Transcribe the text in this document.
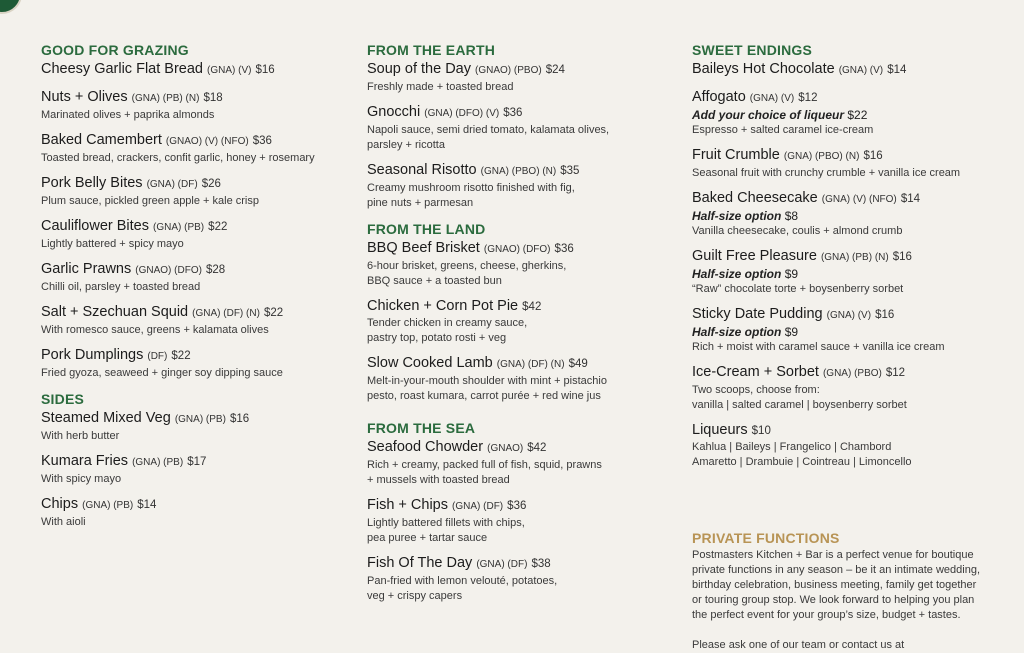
GOOD FOR GRAZING
Cheesy Garlic Flat Bread (GNA) (V) $16
Nuts + Olives (GNA) (PB) (N) $18
Marinated olives + paprika almonds
Baked Camembert (GNAO) (V) (NFO) $36
Toasted bread, crackers, confit garlic, honey + rosemary
Pork Belly Bites (GNA) (DF) $26
Plum sauce, pickled green apple + kale crisp
Cauliflower Bites (GNA) (PB) $22
Lightly battered + spicy mayo
Garlic Prawns (GNAO) (DFO) $28
Chilli oil, parsley + toasted bread
Salt + Szechuan Squid (GNA) (DF) (N) $22
With romesco sauce, greens + kalamata olives
Pork Dumplings (DF) $22
Fried gyoza, seaweed + ginger soy dipping sauce
SIDES
Steamed Mixed Veg (GNA) (PB) $16
With herb butter
Kumara Fries (GNA) (PB) $17
With spicy mayo
Chips (GNA) (PB) $14
With aioli
FROM THE EARTH
Soup of the Day (GNAO) (PBO) $24
Freshly made + toasted bread
Gnocchi (GNA) (DFO) (V) $36
Napoli sauce, semi dried tomato, kalamata olives,
parsley + ricotta
Seasonal Risotto (GNA) (PBO) (N) $35
Creamy mushroom risotto finished with fig,
pine nuts + parmesan
FROM THE LAND
BBQ Beef Brisket (GNAO) (DFO) $36
6-hour brisket, greens, cheese, gherkins,
BBQ sauce + a toasted bun
Chicken + Corn Pot Pie $42
Tender chicken in creamy sauce,
pastry top, potato rosti + veg
Slow Cooked Lamb (GNA) (DF) (N) $49
Melt-in-your-mouth shoulder with mint + pistachio
pesto, roast kumara, carrot purée + red wine jus
FROM THE SEA
Seafood Chowder (GNAO) $42
Rich + creamy, packed full of fish, squid, prawns
+ mussels with toasted bread
Fish + Chips (GNA) (DF) $36
Lightly battered fillets with chips,
pea puree + tartar sauce
Fish Of The Day (GNA) (DF) $38
Pan-fried with lemon velouté, potatoes,
veg + crispy capers
SWEET ENDINGS
Baileys Hot Chocolate (GNA) (V) $14
Affogato (GNA) (V) $12
Add your choice of liqueur $22
Espresso + salted caramel ice-cream
Fruit Crumble (GNA) (PBO) (N) $16
Seasonal fruit with crunchy crumble + vanilla ice cream
Baked Cheesecake (GNA) (V) (NFO) $14
Half-size option $8
Vanilla cheesecake, coulis + almond crumb
Guilt Free Pleasure (GNA) (PB) (N) $16
Half-size option $9
“Raw” chocolate torte + boysenberry sorbet
Sticky Date Pudding (GNA) (V) $16
Half-size option $9
Rich + moist with caramel sauce + vanilla ice cream
Ice-Cream + Sorbet (GNA) (PBO) $12
Two scoops, choose from:
vanilla | salted caramel | boysenberry sorbet
Liqueurs $10
Kahlua | Baileys | Frangelico | Chambord
Amaretto | Drambuie | Cointreau | Limoncello
PRIVATE FUNCTIONS
Postmasters Kitchen + Bar is a perfect venue for boutique
private functions in any season – be it an intimate wedding,
birthday celebration, business meeting, family get together
or touring group stop. We look forward to helping you plan
the perfect event for your group’s size, budget + tastes.

Please ask one of our team or contact us at
